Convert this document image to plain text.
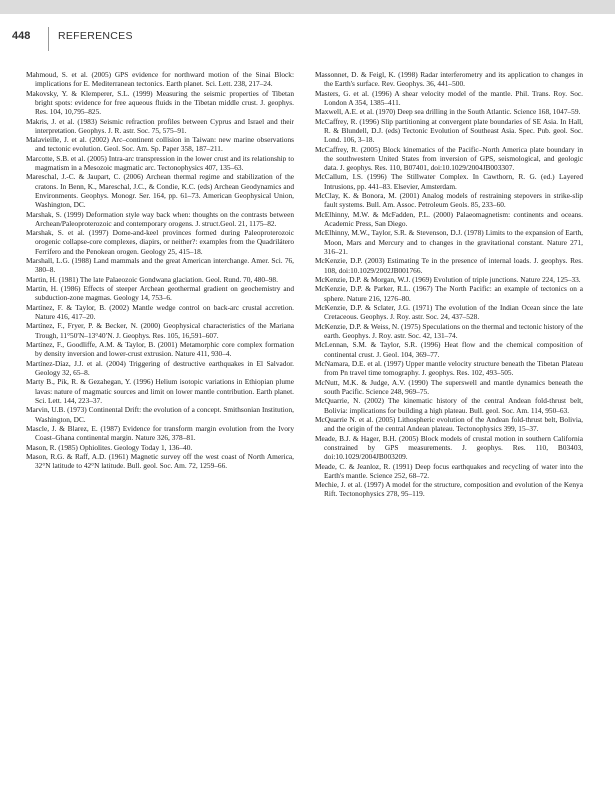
448	REFERENCES

Mahmoud, S. et al. (2005) GPS evidence for northward motion of the Sinai Block: implications for E. Mediterranean tectonics. Earth planet. Sci. Lett. 238, 217–24.

Makovsky, Y. & Klemperer, S.L. (1999) Measuring the seismic properties of Tibetan bright spots: evidence for free aqueous fluids in the Tibetan middle crust. J. geophys. Res. 104, 10,795–825.

Makris, J. et al. (1983) Seismic refraction profiles between Cyprus and Israel and their interpretation. Geophys. J. R. astr. Soc. 75, 575–91.

Malavieille, J. et al. (2002) Arc–continent collision in Taiwan: new marine observations and tectonic evolution. Geol. Soc. Am. Sp. Paper 358, 187–211.

Marcotte, S.B. et al. (2005) Intra-arc transpression in the lower crust and its relationship to magmatism in a Mesozoic magmatic arc. Tectonophysics 407, 135–63.

Mareschal, J.-C. & Jaupart, C. (2006) Archean thermal regime and stabilization of the cratons. In Benn, K., Mareschal, J.C., & Condie, K.C. (eds) Archean Geodynamics and Environments. Geophys. Monogr. Ser. 164, pp. 61–73. American Geophysical Union, Washington, DC.

Marshak, S. (1999) Deformation style way back when: thoughts on the contrasts between Archean/Paleoproterozoic and contemporary orogens. J. struct.Geol. 21, 1175–82.

Marshak, S. et al. (1997) Dome-and-keel provinces formed during Paleoproterozoic orogenic collapse-core complexes, diapirs, or neither?: examples from the Quadrilátero Ferrífero and the Penokean orogen. Geology 25, 415–18.

Marshall, L.G. (1988) Land mammals and the great American interchange. Amer. Sci. 76, 380–8.

Martin, H. (1981) The late Palaeozoic Gondwana glaciation. Geol. Rund. 70, 480–98.

Martin, H. (1986) Effects of steeper Archean geothermal gradient on geochemistry and subduction-zone magmas. Geology 14, 753–6.

Martínez, F. & Taylor, B. (2002) Mantle wedge control on back-arc crustal accretion. Nature 416, 417–20.

Martínez, F., Fryer, P. & Becker, N. (2000) Geophysical characteristics of the Mariana Trough, 11°50′N–13°40′N. J. Geophys. Res. 105, 16,591–607.

Martínez, F., Goodliffe, A.M. & Taylor, B. (2001) Metamorphic core complex formation by density inversion and lower-crust extrusion. Nature 411, 930–4.

Martínez-Díaz, J.J. et al. (2004) Triggering of destructive earthquakes in El Salvador. Geology 32, 65–8.

Marty B., Pik, R. & Gezahegan, Y. (1996) Helium isotopic variations in Ethiopian plume lavas: nature of magmatic sources and limit on lower mantle contribution. Earth planet. Sci. Lett. 144, 223–37.

Marvin, U.B. (1973) Continental Drift: the evolution of a concept. Smithsonian Institution, Washington, DC.

Mascle, J. & Blarez, E. (1987) Evidence for transform margin evolution from the Ivory Coast–Ghana continental margin. Nature 326, 378–81.

Mason, R. (1985) Ophiolites. Geology Today 1, 136–40.

Mason, R.G. & Raff, A.D. (1961) Magnetic survey off the west coast of North America, 32°N latitude to 42°N latitude. Bull. geol. Soc. Am. 72, 1259–66.

Massonnet, D. & Feigl, K. (1998) Radar interferometry and its application to changes in the Earth's surface. Rev. Geophys. 36, 441–500.

Masters, G. et al. (1996) A shear velocity model of the mantle. Phil. Trans. Roy. Soc. London A 354, 1385–411.

Maxwell, A.E. et al. (1970) Deep sea drilling in the South Atlantic. Science 168, 1047–59.

McCaffrey, R. (1996) Slip partitioning at convergent plate boundaries of SE Asia. In Hall, R. & Blundell, D.J. (eds) Tectonic Evolution of Southeast Asia. Spec. Pub. geol. Soc. Lond. 106, 3–18.

McCaffrey, R. (2005) Block kinematics of the Pacific–North America plate boundary in the southwestern United States from inversion of GPS, seismological, and geologic data. J. geophys. Res. 110, B07401, doi:10.1029/2004JB003307.

McCallum, I.S. (1996) The Stillwater Complex. In Cawthorn, R. G. (ed.) Layered Intrusions, pp. 441–83. Elsevier, Amsterdam.

McClay, K. & Bonora, M. (2001) Analog models of restraining stepovers in strike-slip fault systems. Bull. Am. Assoc. Petroleum Geols. 85, 233–60.

McElhinny, M.W. & McFadden, P.L. (2000) Palaeomagnetism: continents and oceans. Academic Press, San Diego.

McElhinny, M.W., Taylor, S.R. & Stevenson, D.J. (1978) Limits to the expansion of Earth, Moon, Mars and Mercury and to changes in the gravitational constant. Nature 271, 316–21.

McKenzie, D.P. (2003) Estimating Te in the presence of internal loads. J. geophys. Res. 108, doi:10.1029/2002JB001766.

McKenzie, D.P. & Morgan, W.J. (1969) Evolution of triple junctions. Nature 224, 125–33.

McKenzie, D.P. & Parker, R.L. (1967) The North Pacific: an example of tectonics on a sphere. Nature 216, 1276–80.

McKenzie, D.P. & Sclater, J.G. (1971) The evolution of the Indian Ocean since the late Cretaceous. Geophys. J. Roy. astr. Soc. 24, 437–528.

McKenzie, D.P. & Weiss, N. (1975) Speculations on the thermal and tectonic history of the earth. Geophys. J. Roy. astr. Soc. 42, 131–74.

McLennan, S.M. & Taylor, S.R. (1996) Heat flow and the chemical composition of continental crust. J. Geol. 104, 369–77.

McNamara, D.E. et al. (1997) Upper mantle velocity structure beneath the Tibetan Plateau from Pn travel time tomography. J. geophys. Res. 102, 493–505.

McNutt, M.K. & Judge, A.V. (1990) The superswell and mantle dynamics beneath the south Pacific. Science 248, 969–75.

McQuarrie, N. (2002) The kinematic history of the central Andean fold-thrust belt, Bolivia: implications for building a high plateau. Bull. geol. Soc. Am. 114, 950–63.

McQuarrie N. et al. (2005) Lithospheric evolution of the Andean fold-thrust belt, Bolivia, and the origin of the central Andean plateau. Tectonophysics 399, 15–37.

Meade, B.J. & Hager, B.H. (2005) Block models of crustal motion in southern California constrained by GPS measurements. J. geophys. Res. 110, B03403, doi:10.1029/2004JB003209.

Meade, C. & Jeanloz, R. (1991) Deep focus earthquakes and recycling of water into the Earth's mantle. Science 252, 68–72.

Mechie, J. et al. (1997) A model for the structure, composition and evolution of the Kenya Rift. Tectonophysics 278, 95–119.
